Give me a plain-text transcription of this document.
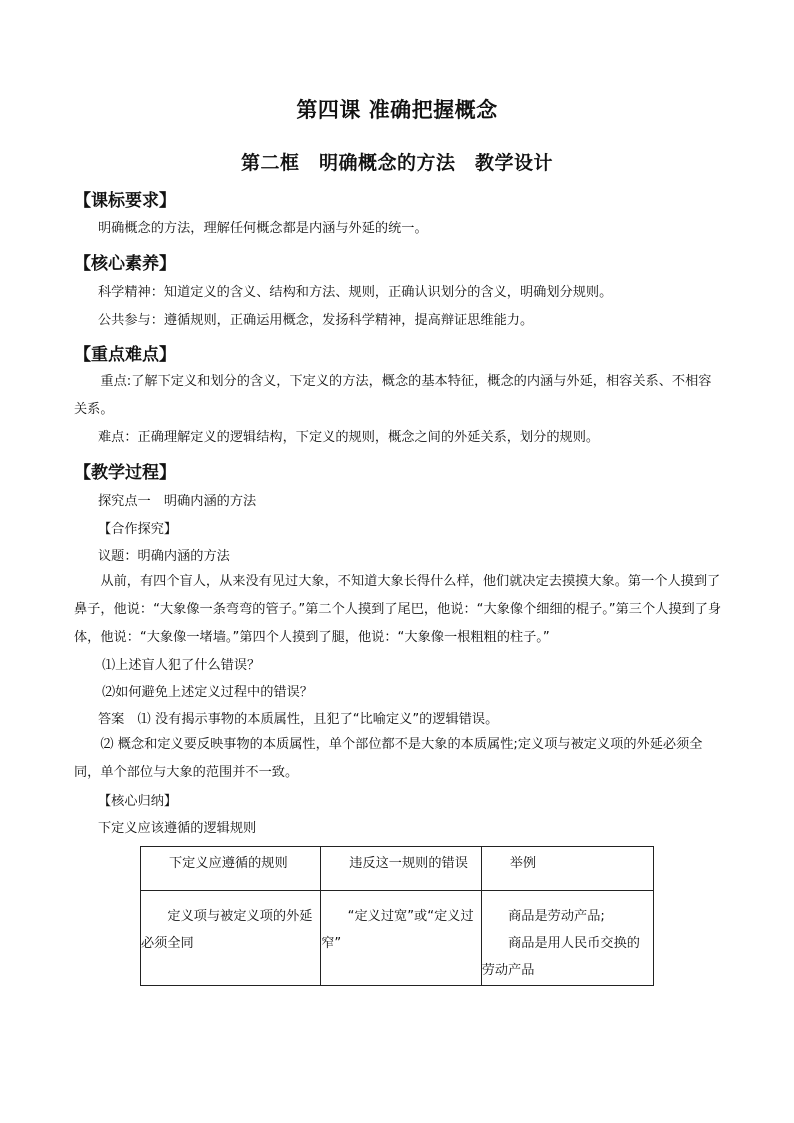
第四课 准确把握概念
第二框　明确概念的方法　教学设计
【课标要求】

明确概念的方法，理解任何概念都是内涵与外延的统一。

【核心素养】

科学精神：知道定义的含义、结构和方法、规则，正确认识划分的含义，明确划分规则。

公共参与：遵循规则，正确运用概念，发扬科学精神，提高辩证思维能力。

【重点难点】

重点:了解下定义和划分的含义，下定义的方法，概念的基本特征，概念的内涵与外延，相容关系、不相容关系。

难点：正确理解定义的逻辑结构，下定义的规则，概念之间的外延关系，划分的规则。

【教学过程】

探究点一　明确内涵的方法

【合作探究】

议题：明确内涵的方法

从前，有四个盲人，从来没有见过大象，不知道大象长得什么样，他们就决定去摸摸大象。第一个人摸到了鼻子，他说：“大象像一条弯弯的管子。”第二个人摸到了尾巴，他说：“大象像个细细的棍子。”第三个人摸到了身体，他说：“大象像一堵墙。”第四个人摸到了腿，他说：“大象像一根粗粗的柱子。”

⑴上述盲人犯了什么错误？

⑵如何避免上述定义过程中的错误？

答案　⑴ 没有揭示事物的本质属性，且犯了“比喻定义”的逻辑错误。

⑵ 概念和定义要反映事物的本质属性，单个部位都不是大象的本质属性;定义项与被定义项的外延必须全同，单个部位与大象的范围并不一致。

【核心归纳】

下定义应该遵循的逻辑规则

下定义应遵循的规则	违反这一规则的错误	举例

定义项与被定义项的外延必须全同	“定义过宽”或“定义过窄”	商品是劳动产品;
商品是用人民币交换的劳动产品
